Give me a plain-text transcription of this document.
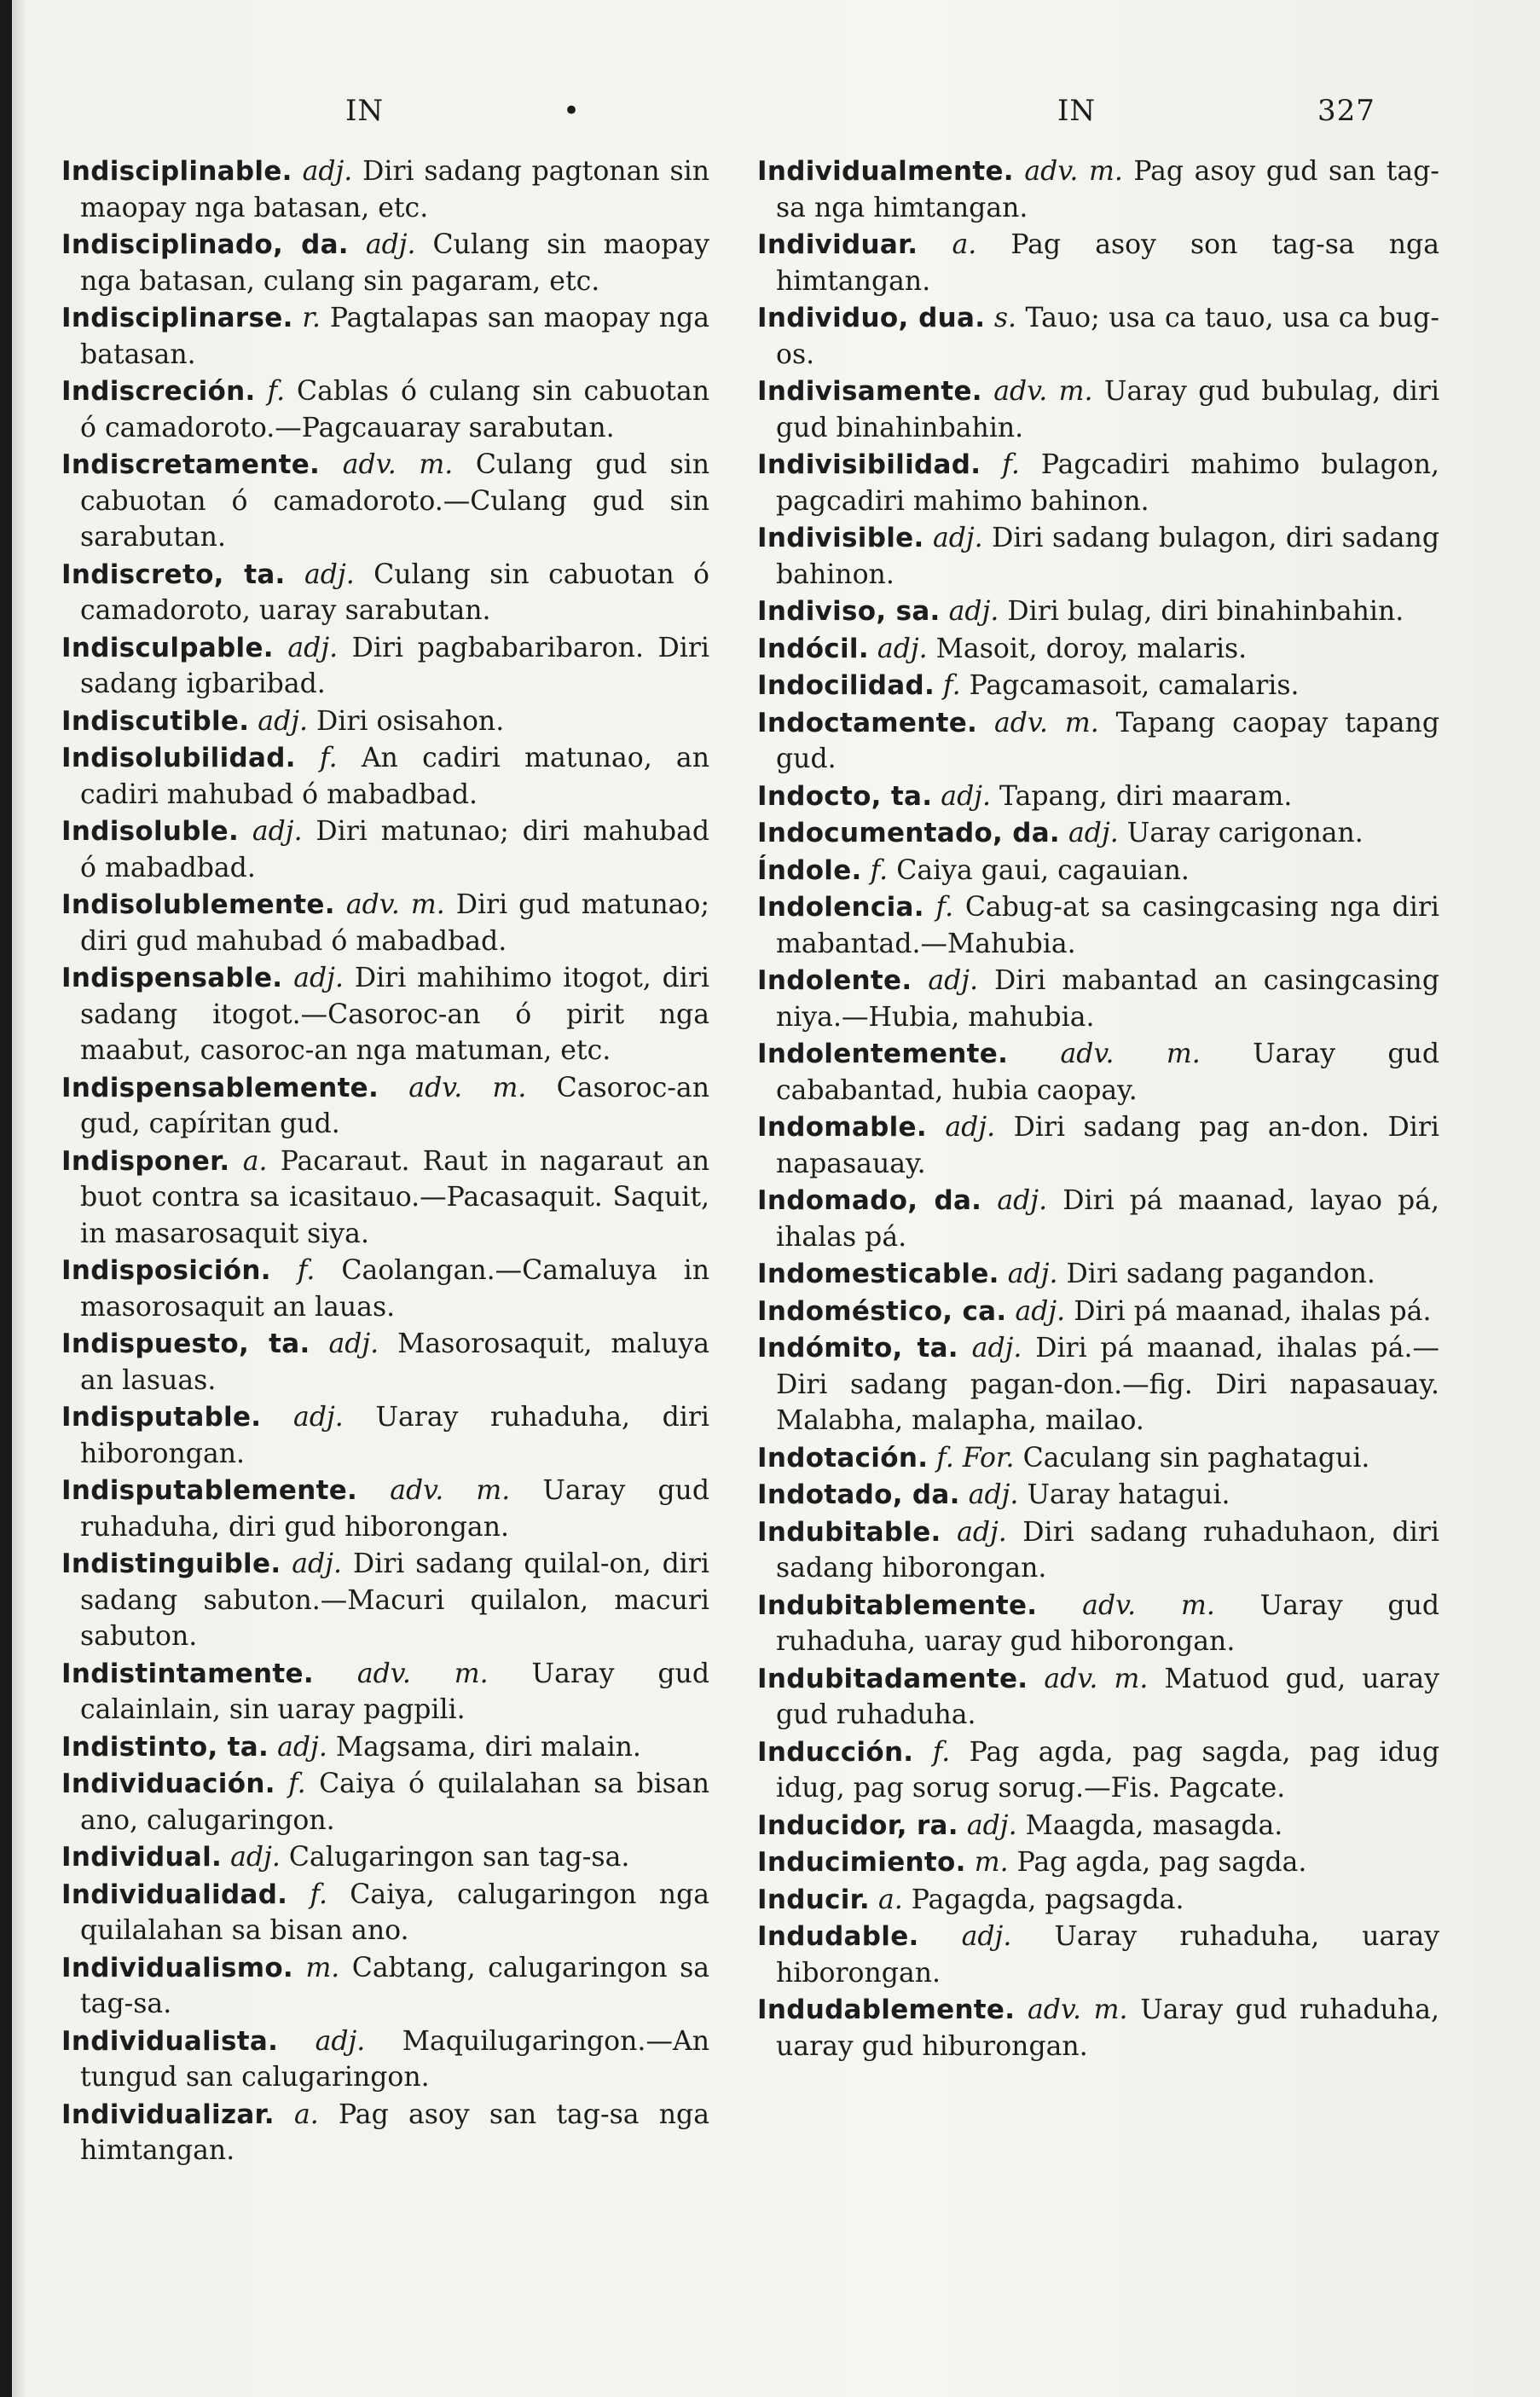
IN	•	IN	327
Indisciplinable. adj. Diri sadang pagtonan sin maopay nga batasan, etc.
Indisciplinado, da. adj. Culang sin maopay nga batasan, culang sin pagaram, etc.
Indisciplinarse. r. Pagtalapas san maopay nga batasan.
Indiscreción. f. Cablas ó culang sin cabuotan ó camadoroto.—Pagcauaray sarabutan.
Indiscretamente. adv. m. Culang gud sin cabuotan ó camadoroto.—Culang gud sin sarabutan.
Indiscreto, ta. adj. Culang sin cabuotan ó camadoroto, uaray sarabutan.
Indisculpable. adj. Diri pagbabaribaron. Diri sadang igbaribad.
Indiscutible. adj. Diri osisahon.
Indisolubilidad. f. An cadiri matunao, an cadiri mahubad ó mabadbad.
Indisoluble. adj. Diri matunao; diri mahubad ó mabadbad.
Indisolublemente. adv. m. Diri gud matunao; diri gud mahubad ó mabadbad.
Indispensable. adj. Diri mahihimo itogot, diri sadang itogot.—Casoroc-an ó pirit nga maabut, casoroc-an nga matuman, etc.
Indispensablemente. adv. m. Casoroc-an gud, capíritan gud.
Indisponer. a. Pacaraut. Raut in nagaraut an buot contra sa icasitauo.—Pacasaquit. Saquit, in masarosaquit siya.
Indisposición. f. Caolangan.—Camaluya in masorosaquit an lauas.
Indispuesto, ta. adj. Masorosaquit, maluya an lasuas.
Indisputable. adj. Uaray ruhaduha, diri hiborongan.
Indisputablemente. adv. m. Uaray gud ruhaduha, diri gud hiborongan.
Indistinguible. adj. Diri sadang quilal-on, diri sadang sabuton.—Macuri quilalon, macuri sabuton.
Indistintamente. adv. m. Uaray gud calainlain, sin uaray pagpili.
Indistinto, ta. adj. Magsama, diri malain.
Individuación. f. Caiya ó quilalahan sa bisan ano, calugaringon.
Individual. adj. Calugaringon san tag-sa.
Individualidad. f. Caiya, calugaringon nga quilalahan sa bisan ano.
Individualismo. m. Cabtang, calugaringon sa tag-sa.
Individualista. adj. Maquilugaringon.—An tungud san calugaringon.
Individualizar. a. Pag asoy san tag-sa nga himtangan.
Individualmente. adv. m. Pag asoy gud san tag-sa nga himtangan.
Individuar. a. Pag asoy son tag-sa nga himtangan.
Individuo, dua. s. Tauo; usa ca tauo, usa ca bug-os.
Indivisamente. adv. m. Uaray gud bubulag, diri gud binahinbahin.
Indivisibilidad. f. Pagcadiri mahimo bulagon, pagcadiri mahimo bahinon.
Indivisible. adj. Diri sadang bulagon, diri sadang bahinon.
Indiviso, sa. adj. Diri bulag, diri binahinbahin.
Indócil. adj. Masoit, doroy, malaris.
Indocilidad. f. Pagcamasoit, camalaris.
Indoctamente. adv. m. Tapang caopay tapang gud.
Indocto, ta. adj. Tapang, diri maaram.
Indocumentado, da. adj. Uaray carigonan.
Índole. f. Caiya gaui, cagauian.
Indolencia. f. Cabug-at sa casingcasing nga diri mabantad.—Mahubia.
Indolente. adj. Diri mabantad an casingcasing niya.—Hubia, mahubia.
Indolentemente. adv. m. Uaray gud cababantad, hubia caopay.
Indomable. adj. Diri sadang pag an-don. Diri napasauay.
Indomado, da. adj. Diri pá maanad, layao pá, ihalas pá.
Indomesticable. adj. Diri sadang pagandon.
Indoméstico, ca. adj. Diri pá maanad, ihalas pá.
Indómito, ta. adj. Diri pá maanad, ihalas pá.—Diri sadang pagan-don.—fig. Diri napasauay. Malabha, malapha, mailao.
Indotación. f. For. Caculang sin paghatagui.
Indotado, da. adj. Uaray hatagui.
Indubitable. adj. Diri sadang ruhaduhaon, diri sadang hiborongan.
Indubitablemente. adv. m. Uaray gud ruhaduha, uaray gud hiborongan.
Indubitadamente. adv. m. Matuod gud, uaray gud ruhaduha.
Inducción. f. Pag agda, pag sagda, pag idug idug, pag sorug sorug.—Fis. Pagcate.
Inducidor, ra. adj. Maagda, masagda.
Inducimiento. m. Pag agda, pag sagda.
Inducir. a. Pagagda, pagsagda.
Indudable. adj. Uaray ruhaduha, uaray hiborongan.
Indudablemente. adv. m. Uaray gud ruhaduha, uaray gud hiburongan.
